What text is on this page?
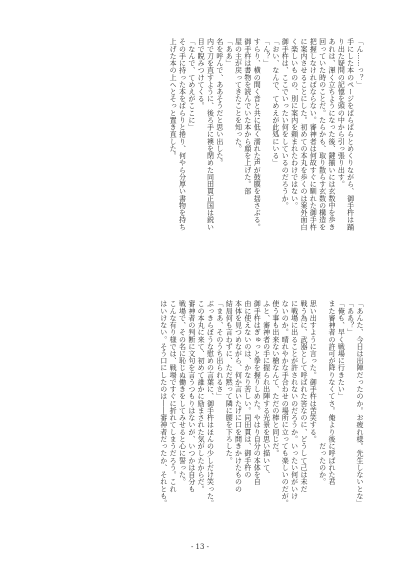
「ん……っ？」
手にした本のページをぱらぱらとめくりながら、御手杵は踊
り出た疑問の記憶を頭の中から引っ張り出す。
あれは、渾く立ちようになった後、鍵揃いには玄数中を歩き
回っていた時のことだ。たらかも、取り散らす玄数の構造を
把握しなければならない。審神者は何故すぐに馴れた御手杵
に案内させることにした。初めての本丸を歩くのは案外面白
く楽しいものの、別に案内を頼まれたわけではない。
御手杵は、ここでいったい何をしているのだろうか。
「おい、なんで、てめえが此処にいる」
「ん？」
すらり、横の間く音と共に低く濡れた声が鼓膜を揺さぶる。
御手杵は書物を読んでいた本から顔を上げた。部
屋の主が戻ってきたことを知った。
「ああ」
名を呼んで、ああそうだと思い出した。
内で刀を直すように、後ろ手に襖を閉めた同田貫正国は鋭い
目で睨みつけてくる。
「なんで、てめえがここに」
その手に持った本をぱらりと捲り、何やら分厚い書物を持ち
上げた本の上へとそっと置き直した。
「あんた、今日は出陣だったのか。お疲れ様。先生しないとな」
「ああ？」
「俺も、早く戦場に行きたい」
また審神者の許可が降りなくてさ。俺より後に呼ばれた君
　　　　　　　　　　　　　　　　　　　　だったのか。
思い出すように言った。御手杵は苦笑する。
戦う為に、武器として呼ばれた筈なのに、どうして己は未だ
に戦場に出ることが許されないのだろうか。いったい何がいけ
ないのか。晴れやかな手合わせの場所に立っても楽しいのだが。
使う事も出来ない槍なんて、ただの棒と同じだ。
ふと、審神者の手に握られ出陣する光景を思い描いて、
御手杵はぎゅっと拳を握りしめた。やはり自分の本体を自
由に使えないのは、かなり苦しい。同田貫は、御手杵の
本体を見つめながら、何か言いたげに口を開きかけたものの
結局何も言わずに、ただ黙って隣に腰を下ろした。
「まあ、そのうち出られるさ」
ぶっきらぼうな慰めの言葉に、御手杵はほんの少しだけ笑った。
この本丸に来て、初めて誰かに励まされた気がしたからだ。
審神者の判断に文句を言うつもりはないが、いつかは自分も
戦場で、その名に恥じぬ働きをしてみせると心に誓った。
こんな有り様では、戦場ですぐに折れてしまうだろう。これ
はいけない。そう口にしたのは――審神者だったか、それとも。
- 13 -
